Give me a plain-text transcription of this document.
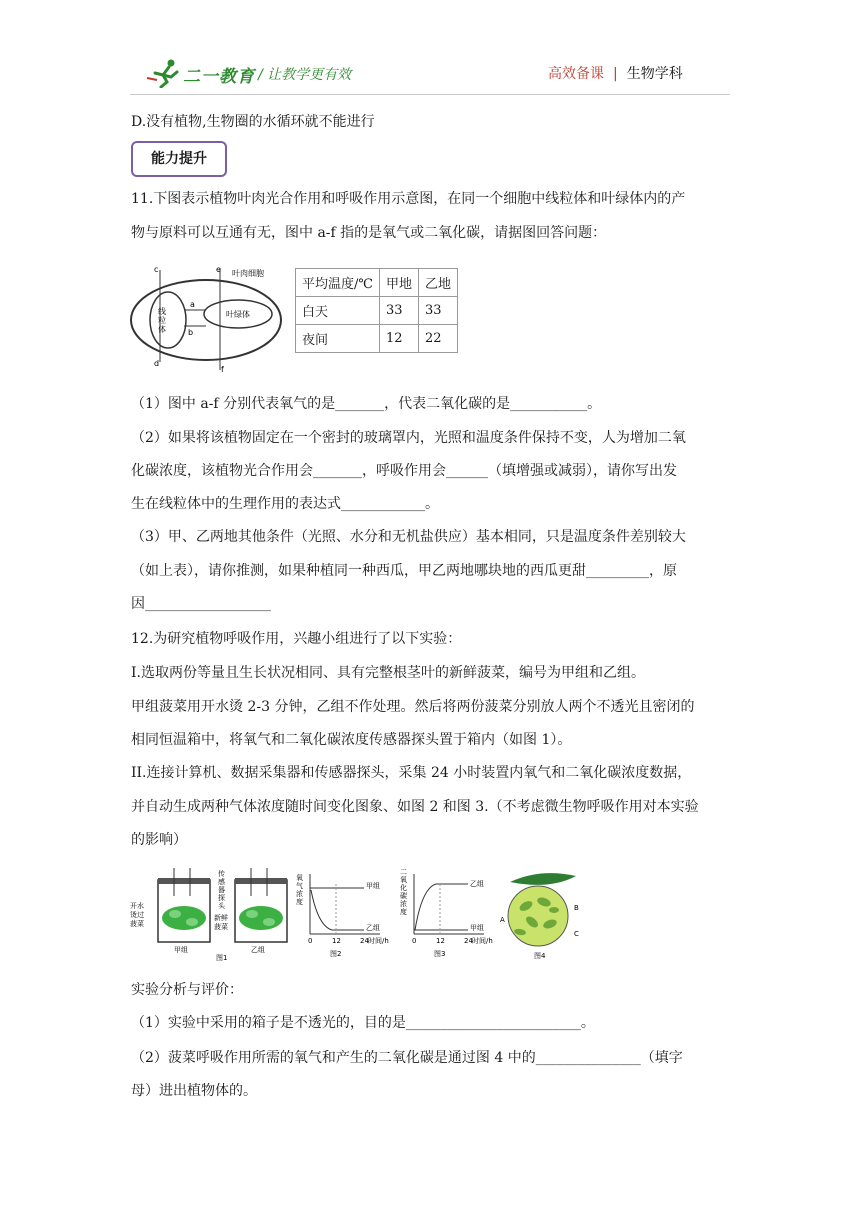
二一教育 / 让教学更有效	高效备课 | 生物学科
D.没有植物,生物圈的水循环就不能进行
能力提升
11.下图表示植物叶肉光合作用和呼吸作用示意图，在同一个细胞中线粒体和叶绿体内的产
物与原料可以互通有无，图中 a-f 指的是氧气或二氧化碳，请据图回答问题：
线
粒
体
叶绿体
叶肉细胞
a
b
c
d
e
f
平均温度/℃	甲地	乙地
白天	33	33
夜间	12	22
（1）图中 a-f 分别代表氧气的是_______，代表二氧化碳的是___________。
（2）如果将该植物固定在一个密封的玻璃罩内，光照和温度条件保持不变，人为增加二氧
化碳浓度，该植物光合作用会_______，呼吸作用会______（填增强或减弱），请你写出发
生在线粒体中的生理作用的表达式____________。
（3）甲、乙两地其他条件（光照、水分和无机盐供应）基本相同，只是温度条件差别较大
（如上表），请你推测，如果种植同一种西瓜，甲乙两地哪块地的西瓜更甜_________，原
因__________________
12.为研究植物呼吸作用，兴趣小组进行了以下实验：
I.选取两份等量且生长状况相同、具有完整根茎叶的新鲜菠菜，编号为甲组和乙组。
甲组菠菜用开水烫 2-3 分钟，乙组不作处理。然后将两份菠菜分别放人两个不透光且密闭的
相同恒温箱中，将氧气和二氧化碳浓度传感器探头置于箱内（如图 1）。
II.连接计算机、数据采集器和传感器探头，采集 24 小时装置内氧气和二氧化碳浓度数据，
并自动生成两种气体浓度随时间变化图象、如图 2 和图 3.（不考虑微生物呼吸作用对本实验
的影响）
开水
烫过
菠菜
传
感
器
探
头
新鲜
菠菜
甲组	乙组
图1
氧
气
浓
度
甲组
乙组
0	12	24 时间/h
图2
二
氧
化
碳
浓
度
乙组
甲组
0	12	24 时间/h
图3
A
B
C
图4
实验分析与评价：
（1）实验中采用的箱子是不透光的，目的是_________________________。
（2）菠菜呼吸作用所需的氧气和产生的二氧化碳是通过图 4 中的_______________（填字
母）进出植物体的。
